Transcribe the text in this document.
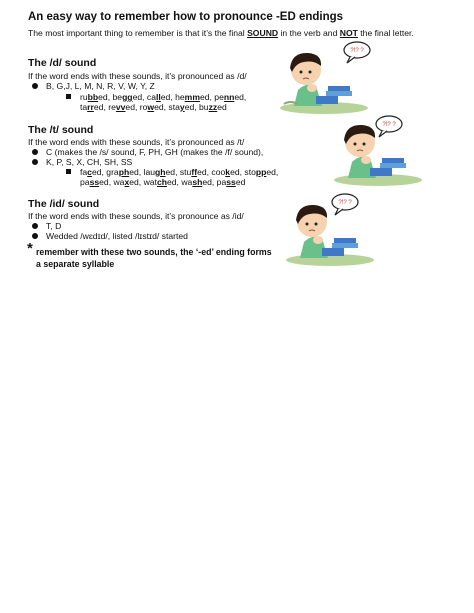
An easy way to remember how to pronounce -ED endings
The most important thing to remember is that it’s the final SOUND in the verb and NOT the final letter.
The /d/ sound
If the word ends with these sounds, it’s pronounced as /d/
B, G,J, L, M, N, R, V, W, Y, Z
rubbed, begged, called, hemmed, penned,
tarred, revved, rowed, stayed, buzzed
The /t/ sound
If the word ends with these sounds, it’s pronounced as /t/
C (makes the /s/ sound, F, PH, GH (makes the /f/ sound),
K, P, S, X, CH, SH, SS
faced, graphed, laughed, stuffed, cooked, stopped,
passed, waxed, watched, washed, passed
The /id/ sound
If the word ends with these sounds, it’s pronounce as /id/
T, D
Wedded /wɛdɪd/, listed /lɪstɪd/ started
* remember with these two sounds, the ‘-ed’ ending forms a separate syllable
?!? ?
?!? ?
?!? ?
